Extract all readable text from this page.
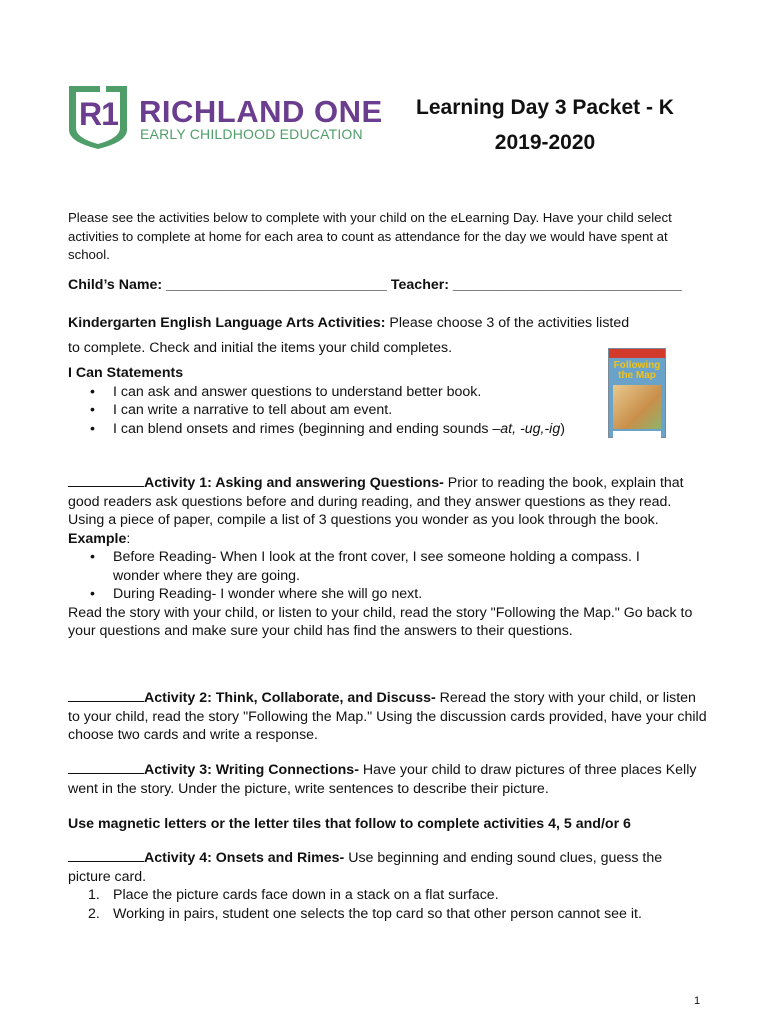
R1 RICHLAND ONE
EARLY CHILDHOOD EDUCATION
Learning Day 3 Packet - K
2019-2020
Please see the activities below to complete with your child on the eLearning Day. Have your child select activities to complete at home for each area to count as attendance for the day we would have spent at school.
Child’s Name: ____________________________ Teacher: _____________________________
Kindergarten English Language Arts Activities: Please choose 3 of the activities listed
to complete. Check and initial the items your child completes.
I Can Statements
• I can ask and answer questions to understand better book.
• I can write a narrative to tell about am event.
• I can blend onsets and rimes (beginning and ending sounds –at, -ug,-ig)
Following
the Map
Activity 1: Asking and answering Questions- Prior to reading the book, explain that good readers ask questions before and during reading, and they answer questions as they read. Using a piece of paper, compile a list of 3 questions you wonder as you look through the book.
Example:
• Before Reading- When I look at the front cover, I see someone holding a compass. I wonder where they are going.
• During Reading- I wonder where she will go next.
Read the story with your child, or listen to your child, read the story "Following the Map." Go back to your questions and make sure your child has find the answers to their questions.
Activity 2: Think, Collaborate, and Discuss- Reread the story with your child, or listen to your child, read the story "Following the Map." Using the discussion cards provided, have your child choose two cards and write a response.
Activity 3: Writing Connections- Have your child to draw pictures of three places Kelly went in the story. Under the picture, write sentences to describe their picture.
Use magnetic letters or the letter tiles that follow to complete activities 4, 5 and/or 6
Activity 4: Onsets and Rimes- Use beginning and ending sound clues, guess the picture card.
1. Place the picture cards face down in a stack on a flat surface.
2. Working in pairs, student one selects the top card so that other person cannot see it.
1
